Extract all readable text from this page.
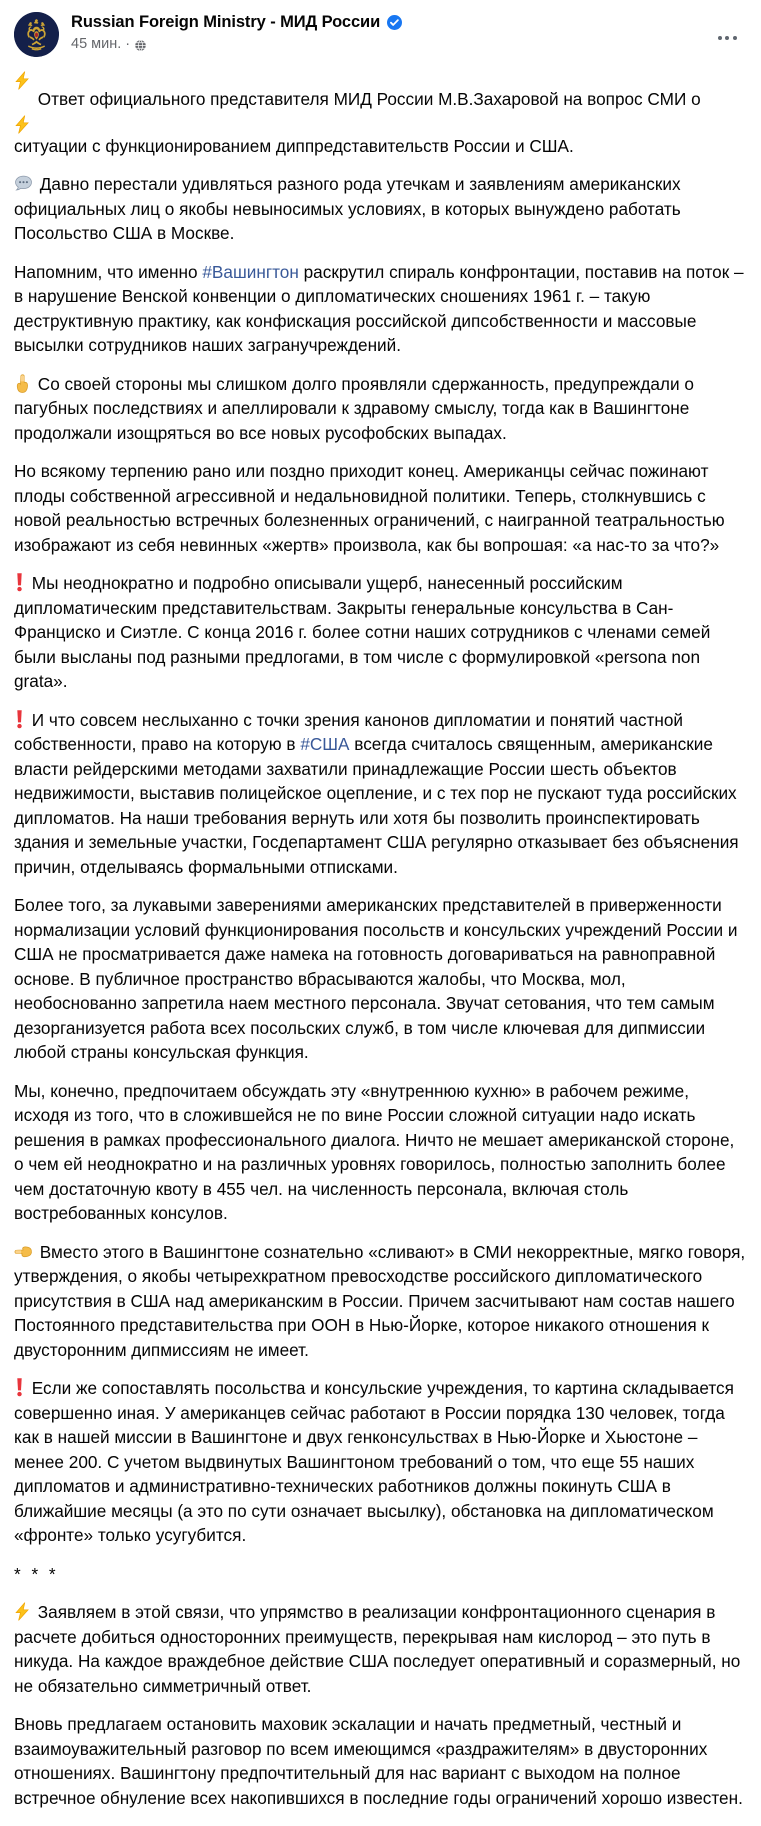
Russian Foreign Ministry - МИД России
45 мин. ·
Ответ официального представителя МИД России М.В.Захаровой на вопрос СМИ о ситуации с функционированием диппредставительств России и США.
Давно перестали удивляться разного рода утечкам и заявлениям американских официальных лиц о якобы невыносимых условиях, в которых вынуждено работать Посольство США в Москве.
Напомним, что именно #Вашингтон раскрутил спираль конфронтации, поставив на поток – в нарушение Венской конвенции о дипломатических сношениях 1961 г. – такую деструктивную практику, как конфискация российской дипсобственности и массовые высылки сотрудников наших загранучреждений.
Со своей стороны мы слишком долго проявляли сдержанность, предупреждали о пагубных последствиях и апеллировали к здравому смыслу, тогда как в Вашингтоне продолжали изощряться во все новых русофобских выпадах.
Но всякому терпению рано или поздно приходит конец. Американцы сейчас пожинают плоды собственной агрессивной и недальновидной политики. Теперь, столкнувшись с новой реальностью встречных болезненных ограничений, с наигранной театральностью изображают из себя невинных «жертв» произвола, как бы вопрошая: «а нас-то за что?»
Мы неоднократно и подробно описывали ущерб, нанесенный российским дипломатическим представительствам. Закрыты генеральные консульства в Сан-Франциско и Сиэтле. С конца 2016 г. более сотни наших сотрудников с членами семей были высланы под разными предлогами, в том числе с формулировкой «persona non grata».
И что совсем неслыханно с точки зрения канонов дипломатии и понятий частной собственности, право на которую в #США всегда считалось священным, американские власти рейдерскими методами захватили принадлежащие России шесть объектов недвижимости, выставив полицейское оцепление, и с тех пор не пускают туда российских дипломатов. На наши требования вернуть или хотя бы позволить проинспектировать здания и земельные участки, Госдепартамент США регулярно отказывает без объяснения причин, отделываясь формальными отписками.
Более того, за лукавыми заверениями американских представителей в приверженности нормализации условий функционирования посольств и консульских учреждений России и США не просматривается даже намека на готовность договариваться на равноправной основе. В публичное пространство вбрасываются жалобы, что Москва, мол, необоснованно запретила наем местного персонала. Звучат сетования, что тем самым дезорганизуется работа всех посольских служб, в том числе ключевая для дипмиссии любой страны консульская функция.
Мы, конечно, предпочитаем обсуждать эту «внутреннюю кухню» в рабочем режиме, исходя из того, что в сложившейся не по вине России сложной ситуации надо искать решения в рамках профессионального диалога. Ничто не мешает американской стороне, о чем ей неоднократно и на различных уровнях говорилось, полностью заполнить более чем достаточную квоту в 455 чел. на численность персонала, включая столь востребованных консулов.
Вместо этого в Вашингтоне сознательно «сливают» в СМИ некорректные, мягко говоря, утверждения, о якобы четырехкратном превосходстве российского дипломатического присутствия в США над американским в России. Причем засчитывают нам состав нашего Постоянного представительства при ООН в Нью-Йорке, которое никакого отношения к двусторонним дипмиссиям не имеет.
Если же сопоставлять посольства и консульские учреждения, то картина складывается совершенно иная. У американцев сейчас работают в России порядка 130 человек, тогда как в нашей миссии в Вашингтоне и двух генконсульствах в Нью-Йорке и Хьюстоне – менее 200. С учетом выдвинутых Вашингтоном требований о том, что еще 55 наших дипломатов и административно-технических работников должны покинуть США в ближайшие месяцы (а это по сути означает высылку), обстановка на дипломатическом «фронте» только усугубится.
* * *
Заявляем в этой связи, что упрямство в реализации конфронтационного сценария в расчете добиться односторонних преимуществ, перекрывая нам кислород – это путь в никуда. На каждое враждебное действие США последует оперативный и соразмерный, но не обязательно симметричный ответ.
Вновь предлагаем остановить маховик эскалации и начать предметный, честный и взаимоуважительный разговор по всем имеющимся «раздражителям» в двусторонних отношениях. Вашингтону предпочтительный для нас вариант с выходом на полное встречное обнуление всех накопившихся в последние годы ограничений хорошо известен.
